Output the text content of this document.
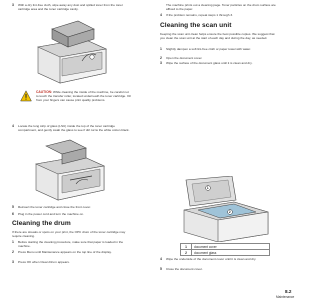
3 With a dry lint-free cloth, wipe away any dust and spilled toner from the toner cartridge area and the toner cartridge cavity.
CAUTION: While cleaning the inside of the machine, be careful not to touch the transfer roller, located underneath the toner cartridge. Oil from your fingers can cause print quality problems.
4 Locate the long strip of glass (LSU) inside the top of the toner cartridge compartment, and gently swab the glass to see if dirt turns the white cotton black.
5 Reinsert the toner cartridge and close the front cover.
6 Plug in the power cord and turn the machine on.
Cleaning the drum
If there are streaks or spots on your print, the OPC drum of the toner cartridge may require cleaning.
1 Before starting the cleaning procedure, make sure that paper is loaded in the machine.
2 Press Menu until Maintenance appears on the top line of the display.
3 Press OK when Clean Drum appears.
The machine prints out a cleaning page. Toner particles on the drum surface are affixed to the paper.
4 If the problem remains, repeat steps 1 through 3.
Cleaning the scan unit
Keeping the scan unit clean helps ensure the best possible copies. We suggest that you clean the scan unit at the start of each day and during the day, as needed.
1 Slightly dampen a soft lint-free cloth or paper towel with water.
2 Open the document cover.
3 Wipe the surface of the document glass until it is clean and dry.
1
2
1	document cover
2	document glass
4 Wipe the underside of the document cover until it is clean and dry.
5 Close the document cover.
8.2
Maintenance
